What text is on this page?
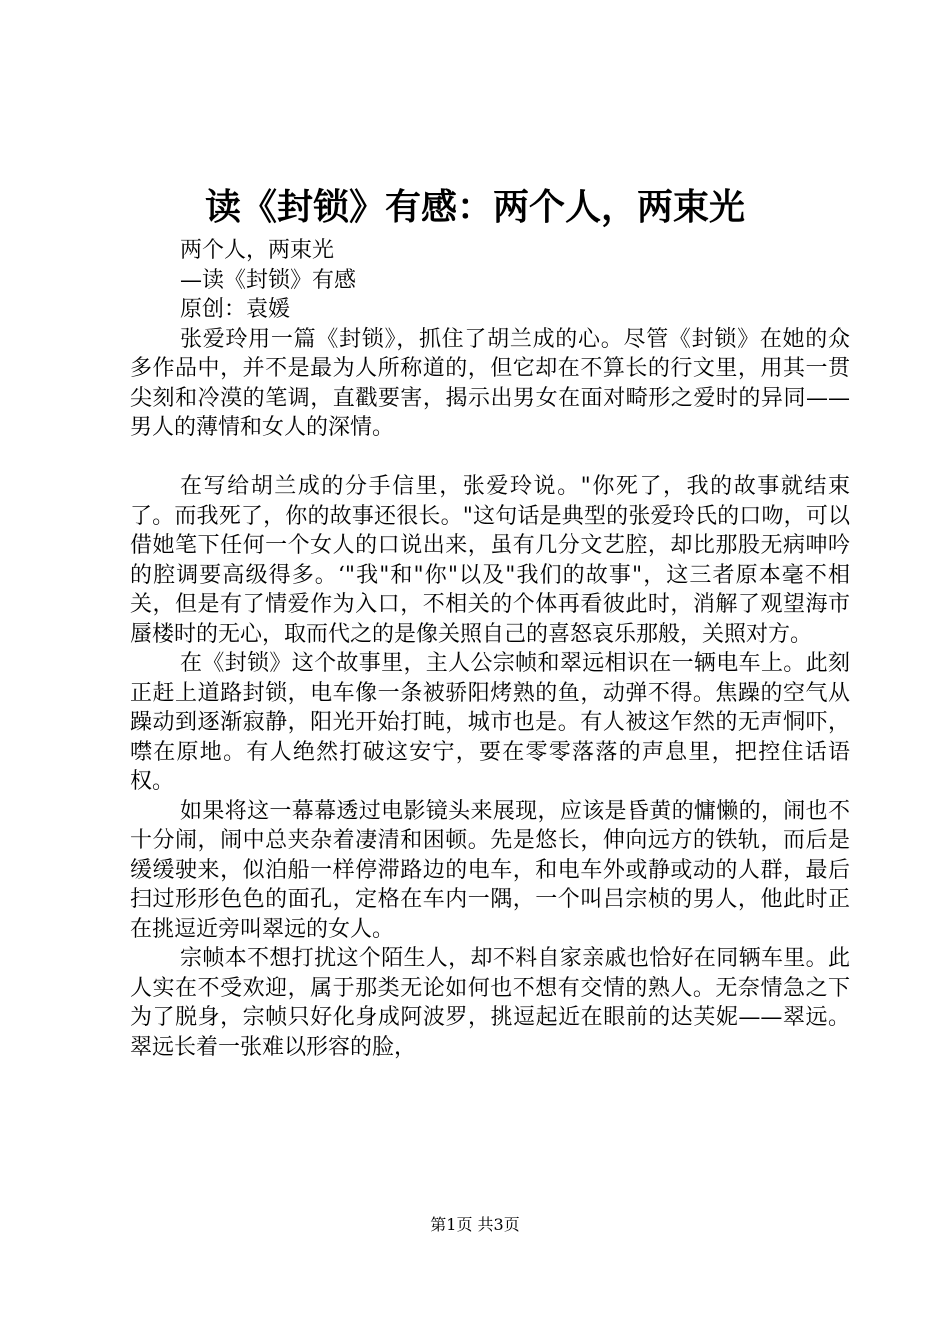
读《封锁》有感：两个人，两束光

两个人，两束光

—读《封锁》有感

原创：袁媛

张爱玲用一篇《封锁》，抓住了胡兰成的心。尽管《封锁》在她的众多作品中，并不是最为人所称道的，但它却在不算长的行文里，用其一贯尖刻和冷漠的笔调，直戳要害，揭示出男女在面对畸形之爱时的异同——男人的薄情和女人的深情。

在写给胡兰成的分手信里，张爱玲说。"你死了，我的故事就结束了。而我死了，你的故事还很长。"这句话是典型的张爱玲氏的口吻，可以借她笔下任何一个女人的口说出来，虽有几分文艺腔，却比那股无病呻吟的腔调要高级得多。‘"我"和"你"以及"我们的故事"，这三者原本毫不相关，但是有了情爱作为入口，不相关的个体再看彼此时，消解了观望海市蜃楼时的无心，取而代之的是像关照自己的喜怒哀乐那般，关照对方。

在《封锁》这个故事里，主人公宗帧和翠远相识在一辆电车上。此刻正赶上道路封锁，电车像一条被骄阳烤熟的鱼，动弹不得。焦躁的空气从躁动到逐渐寂静，阳光开始打盹，城市也是。有人被这乍然的无声恫吓，噤在原地。有人绝然打破这安宁，要在零零落落的声息里，把控住话语权。

如果将这一幕幕透过电影镜头来展现，应该是昏黄的慵懒的，闹也不十分闹，闹中总夹杂着凄清和困顿。先是悠长，伸向远方的铁轨，而后是缓缓驶来，似泊船一样停滞路边的电车，和电车外或静或动的人群，最后扫过形形色色的面孔，定格在车内一隅，一个叫吕宗桢的男人，他此时正在挑逗近旁叫翠远的女人。

宗帧本不想打扰这个陌生人，却不料自家亲戚也恰好在同辆车里。此人实在不受欢迎，属于那类无论如何也不想有交情的熟人。无奈情急之下为了脱身，宗帧只好化身成阿波罗，挑逗起近在眼前的达芙妮——翠远。翠远长着一张难以形容的脸，

第1页 共3页
